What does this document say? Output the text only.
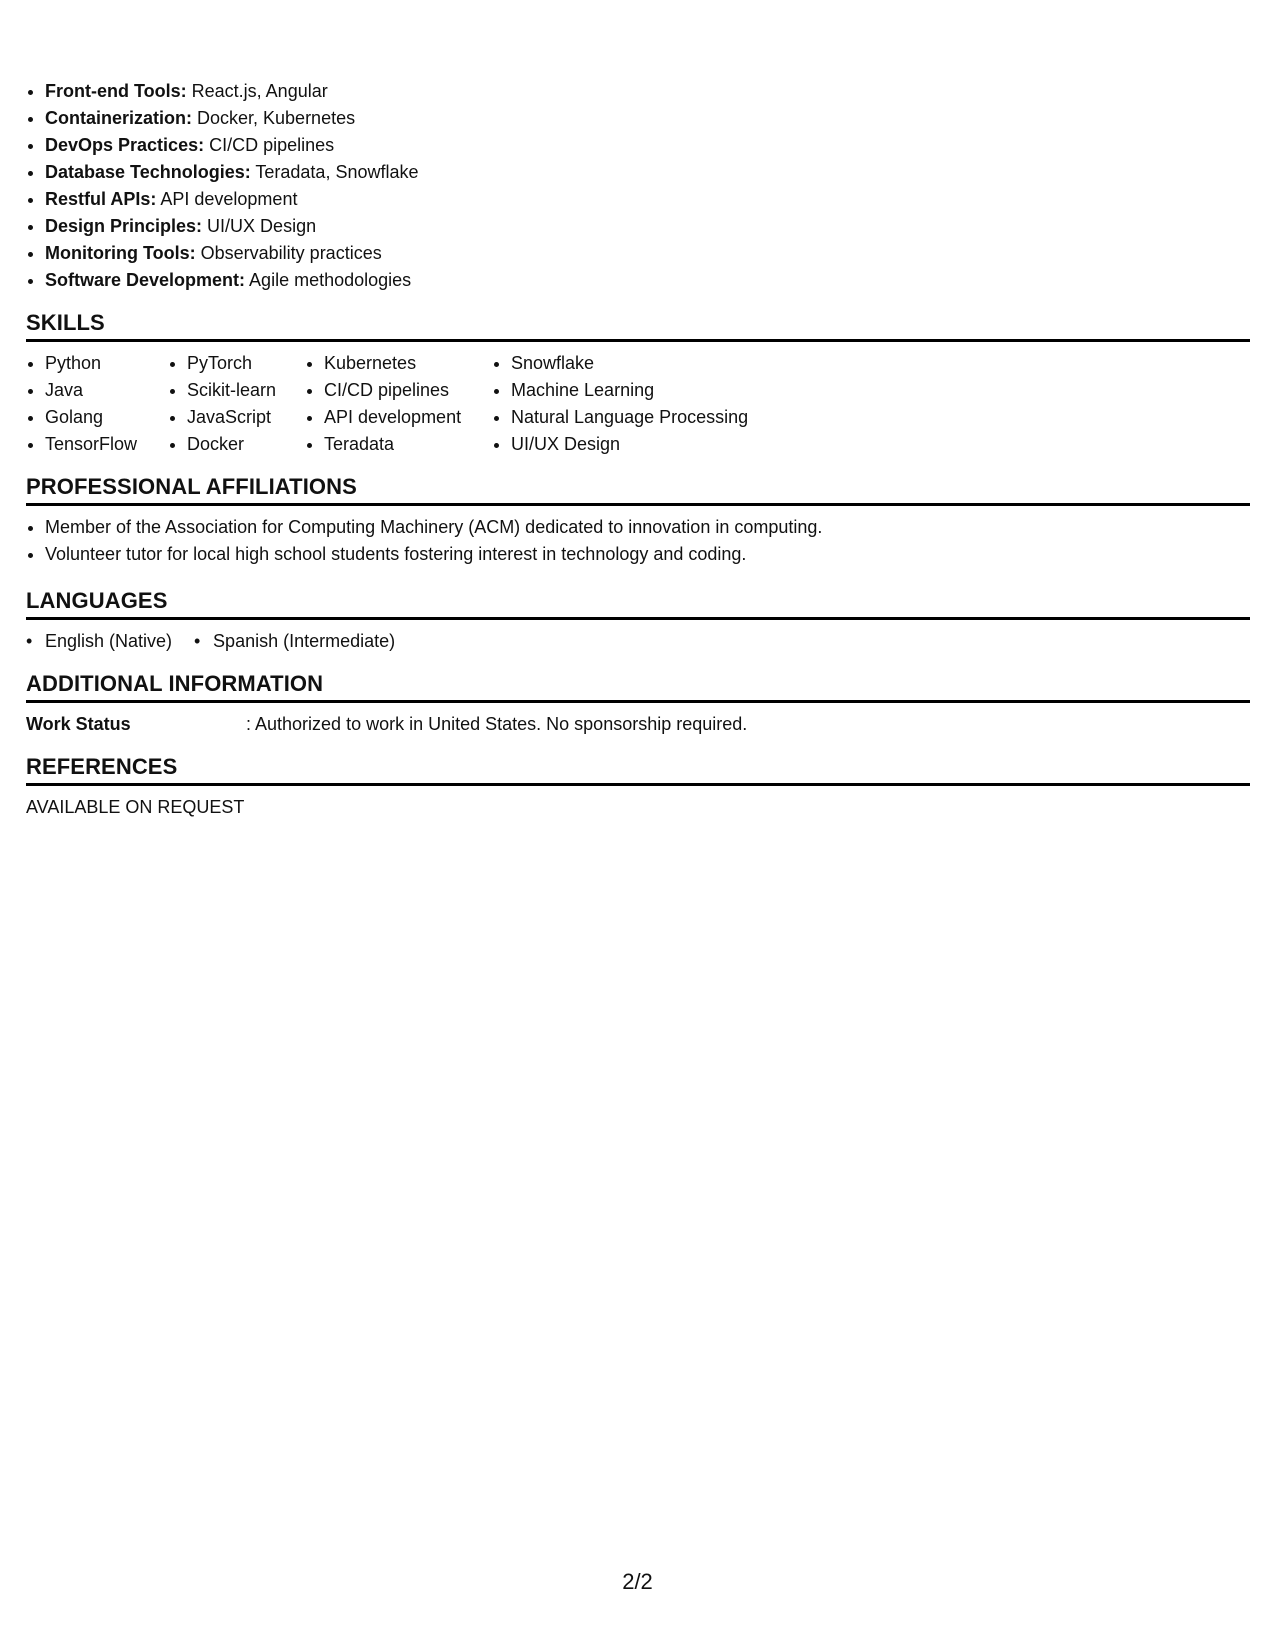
• Front-end Tools: React.js, Angular
• Containerization: Docker, Kubernetes
• DevOps Practices: CI/CD pipelines
• Database Technologies: Teradata, Snowflake
• Restful APIs: API development
• Design Principles: UI/UX Design
• Monitoring Tools: Observability practices
• Software Development: Agile methodologies
SKILLS
• Python
• Java
• Golang
• TensorFlow
• PyTorch
• Scikit-learn
• JavaScript
• Docker
• Kubernetes
• CI/CD pipelines
• API development
• Teradata
• Snowflake
• Machine Learning
• Natural Language Processing
• UI/UX Design
PROFESSIONAL AFFILIATIONS
• Member of the Association for Computing Machinery (ACM) dedicated to innovation in computing.
• Volunteer tutor for local high school students fostering interest in technology and coding.
LANGUAGES
• English (Native)
•	Spanish (Intermediate)
ADDITIONAL INFORMATION
Work Status	: Authorized to work in United States. No sponsorship required.
REFERENCES
AVAILABLE ON REQUEST
2/2
